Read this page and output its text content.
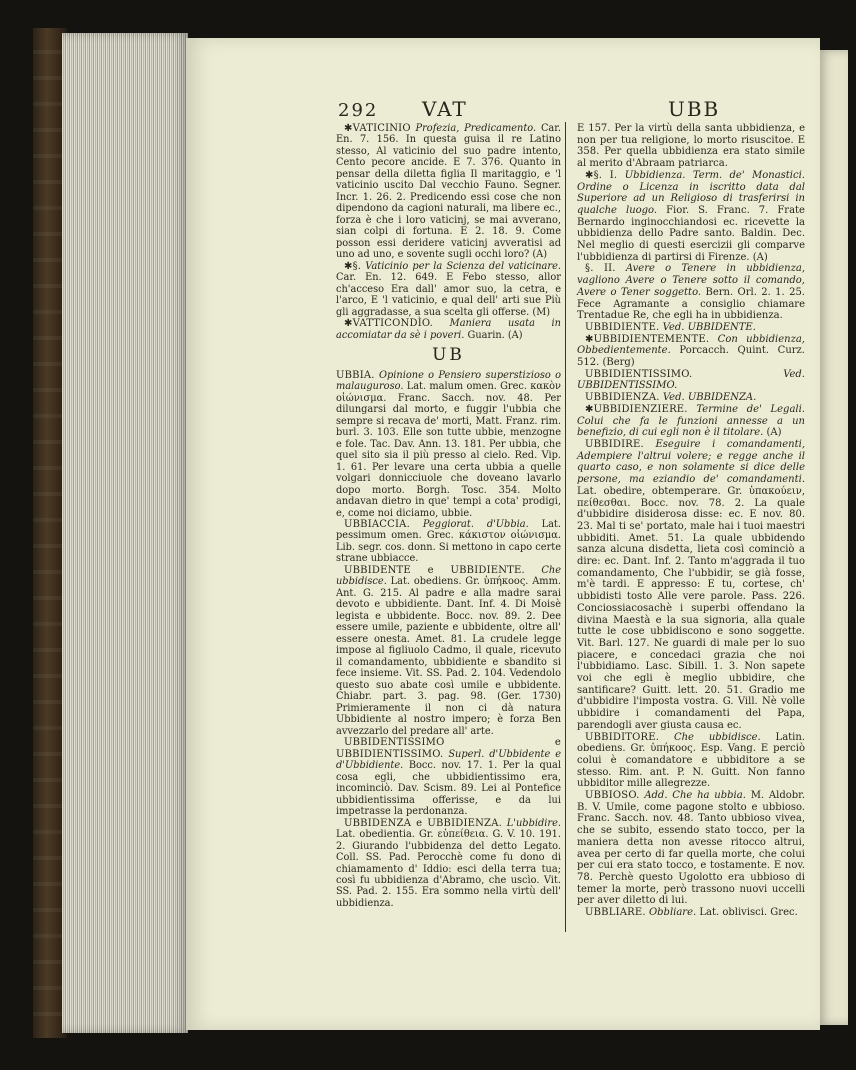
292 VAT	UBB

✱VATICINIO Profezia, Predicamento. Car. En. 7. 156. In questa guisa il re Latino stesso, Al vaticinio del suo padre intento, Cento pecore ancide. E 7. 376. Quanto in pensar della diletta figlia Il maritaggio, e 'l vaticinio uscito Dal vecchio Fauno. Segner. Incr. 1. 26. 2. Predicendo essi cose che non dipendono da cagioni naturali, ma libere ec., forza è che i loro vaticinj, se mai avverano, sian colpi di fortuna. E 2. 18. 9. Come posson essi deridere vaticinj avveratisi ad uno ad uno, e sovente sugli occhi loro? (A)

✱§. Vaticinio per la Scienza del vaticinare. Car. En. 12. 649. E Febo stesso, allor ch'acceso Era dall' amor suo, la cetra, e l'arco, E 'l vaticinio, e qual dell' arti sue Più gli aggradasse, a sua scelta gli offerse. (M)

✱VATTICONDÌO. Maniera usata in accomiatar da sè i poveri. Guarin. (A)

UB

UBBIA. Opinione o Pensiero superstizioso o malauguroso. Lat. malum omen. Grec. κακὸν οἰώνισμα. Franc. Sacch. nov. 48. Per dilungarsi dal morto, e fuggir l'ubbia che sempre si recava de' morti, Matt. Franz. rim. burl. 3. 103. Elle son tutte ubbie, menzogne e fole. Tac. Dav. Ann. 13. 181. Per ubbia, che quel sito sia il più presso al cielo. Red. Vip. 1. 61. Per levare una certa ubbia a quelle volgari donnicciuole che doveano lavarlo dopo morto. Borgh. Tosc. 354. Molto andavan dietro in que' tempi a cota' prodigi, e, come noi diciamo, ubbie.

UBBIACCIA. Peggiorat. d'Ubbia. Lat. pessimum omen. Grec. κάκιστον οἰώνισμα. Lib. segr. cos. donn. Si mettono in capo certe strane ubbiacce.

UBBIDENTE e UBBIDIENTE. Che ubbidisce. Lat. obediens. Gr. ὑπήκοος. Amm. Ant. G. 215. Al padre e alla madre sarai devoto e ubbidiente. Dant. Inf. 4. Di Moisè legista e ubbidente. Bocc. nov. 89. 2. Dee essere umile, paziente e ubbidente, oltre all' essere onesta. Amet. 81. La crudele legge impose al figliuolo Cadmo, il quale, ricevuto il comandamento, ubbidiente e sbandito si fece insieme. Vit. SS. Pad. 2. 104. Vedendolo questo suo abate così umile e ubbidente. Chiabr. part. 3. pag. 98. (Ger. 1730) Primieramente il non ci dà natura Ubbidiente al nostro impero; è forza Ben avvezzarlo del predare all' arte.

UBBIDENTISSIMO e UBBIDIENTISSIMO. Superl. d'Ubbidente e d'Ubbidiente. Bocc. nov. 17. 1. Per la qual cosa egli, che ubbidientissimo era, incominciò. Dav. Scism. 89. Lei al Pontefice ubbidientissima offerisse, e da lui impetrasse la perdonanza.

UBBIDENZA e UBBIDIENZA. L'ubbidire. Lat. obedientia. Gr. εὐπείθεια. G. V. 10. 191. 2. Giurando l'ubbidenza del detto Legato. Coll. SS. Pad. Perocchè come fu dono di chiamamento d' Iddio: esci della terra tua; così fu ubbidienza d'Abramo, che uscìo. Vit. SS. Pad. 2. 155. Era sommo nella virtù dell' ubbidienza.

E 157. Per la virtù della santa ubbidienza, e non per tua religione, lo morto risuscitoe. E 358. Per quella ubbidienza era stato simile al merito d'Abraam patriarca.

✱§. I. Ubbidienza. Term. de' Monastici. Ordine o Licenza in iscritto data dal Superiore ad un Religioso di trasferirsi in qualche luogo. Fior. S. Franc. 7. Frate Bernardo inginocchiandosi ec. ricevette la ubbidienza dello Padre santo. Baldin. Dec. Nel meglio di questi esercizii gli comparve l'ubbidienza di partirsi di Firenze. (A)

§. II. Avere o Tenere in ubbidienza, vagliono Avere o Tenere sotto il comando, Avere o Tener soggetto. Bern. Orl. 2. 1. 25. Fece Agramante a consiglio chiamare Trentadue Re, che egli ha in ubbidienza.

UBBIDIENTE. Ved. UBBIDENTE.

✱UBBIDIENTEMENTE. Con ubbidienza, Obbedientemente. Porcacch. Quint. Curz. 512. (Berg)

UBBIDIENTISSIMO.	Ved. UBBIDENTISSIMO.

UBBIDIENZA. Ved. UBBIDENZA.

✱UBBIDIENZIERE. Termine de' Legali. Colui che fa le funzioni annesse a un benefizio, di cui egli non è il titolare. (A)

UBBIDIRE. Eseguire i comandamenti, Adempiere l'altrui volere; e regge anche il quarto caso, e non solamente si dice delle persone, ma eziandio de' comandamenti. Lat. obedire, obtemperare. Gr. ὑπακούειν, πείθεσθαι. Bocc. nov. 78. 2. La quale d'ubbidire disiderosa disse: ec. E nov. 80. 23. Mal ti se' portato, male hai i tuoi maestri ubbiditi. Amet. 51. La quale ubbidendo sanza alcuna disdetta, lieta così cominciò a dire: ec. Dant. Inf. 2. Tanto m'aggrada il tuo comandamento, Che l'ubbidir, se già fosse, m'è tardi. E appresso: E tu, cortese, ch' ubbidisti tosto Alle vere parole. Pass. 226. Conciossiacosachè i superbi offendano la divina Maestà e la sua signoria, alla quale tutte le cose ubbidiscono e sono soggette. Vit. Barl. 127. Ne guardi di male per lo suo piacere, e concedaci grazia che noi l'ubbidiamo. Lasc. Sibill. 1. 3. Non sapete voi che egli è meglio ubbidire, che santificare? Guitt. lett. 20. 51. Gradio me d'ubbidire l'imposta vostra. G. Vill. Nè volle ubbidire i comandamenti del Papa, parendogli aver giusta causa ec.

UBBIDITORE. Che ubbidisce. Latin. obediens. Gr. ὑπήκοος. Esp. Vang. E perciò colui è comandatore e ubbiditore a se stesso. Rim. ant. P. N. Guitt. Non fanno ubbiditor mille allegrezze.

UBBIOSO. Add. Che ha ubbia. M. Aldobr. B. V. Umile, come pagone stolto e ubbioso. Franc. Sacch. nov. 48. Tanto ubbioso vivea, che se subito, essendo stato tocco, per la maniera detta non avesse ritocco altrui, avea per certo di far quella morte, che colui per cui era stato tocco, e tostamente. E nov. 78. Perchè questo Ugolotto era ubbioso di temer la morte, però trassono nuovi uccelli per aver diletto di lui.

UBBLIARE. Obbliare. Lat. oblivisci. Grec.
